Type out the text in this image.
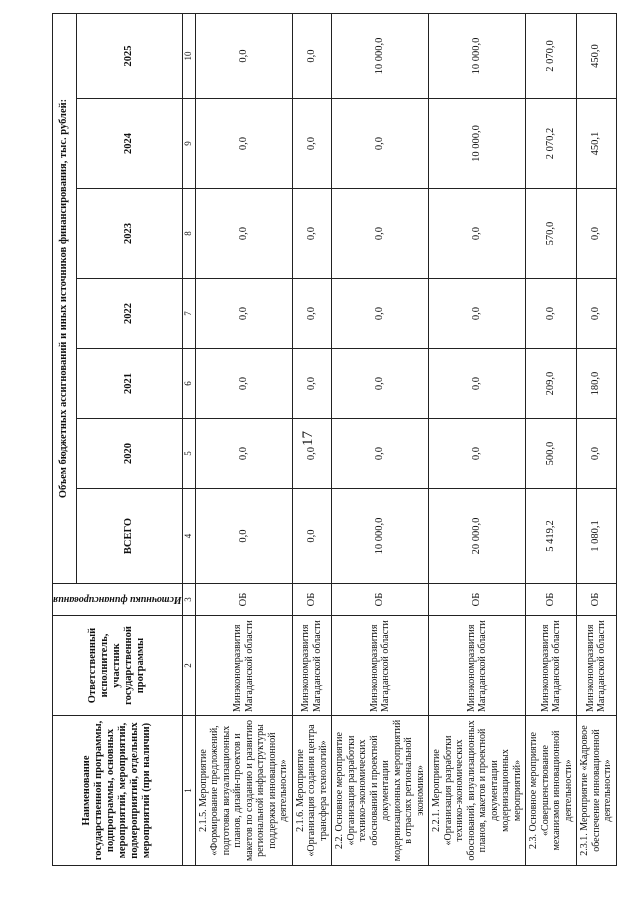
17
Наименование государственной программы, подпрограммы, основных мероприятий, мероприятий, подмероприятий, отдельных мероприятий (при наличии)	Ответственный исполнитель, участник государственной программы	Источники финансирования	Объем бюджетных ассигнований и иных источников финансирования, тыс. рублей:						
			ВСЕГО	2020	2021	2022	2023	2024	2025
1	2	3	4	5	6	7	8	9	10
2.1.5. Мероприятие «Формирование предложений, подготовка визуализационных планов, дизайн-проектов и макетов по созданию и развитию региональной инфраструктуры поддержки инновационной деятельности»	Минэкономразвития Магаданской области	ОБ	0,0	0,0	0,0	0,0	0,0	0,0	0,0
2.1.6. Мероприятие «Организация создания центра трансфера технологий»	Минэкономразвития Магаданской области	ОБ	0,0	0,0	0,0	0,0	0,0	0,0	0,0
2.2. Основное мероприятие «Организация разработки технико-экономических обоснований и проектной документации модернизационных мероприятий в отраслях региональной экономики»	Минэкономразвития Магаданской области	ОБ	10 000,0	0,0	0,0	0,0	0,0	0,0	10 000,0
2.2.1. Мероприятие «Организация разработки технико-экономических обоснований, визуализационных планов, макетов и проектной документации модернизационных мероприятий»	Минэкономразвития Магаданской области	ОБ	20 000,0	0,0	0,0	0,0	0,0	10 000,0	10 000,0
2.3. Основное мероприятие «Совершенствование механизмов инновационной деятельности»	Минэкономразвития Магаданской области	ОБ	5 419,2	500,0	209,0	0,0	570,0	2 070,2	2 070,0
2.3.1. Мероприятие «Кадровое обеспечение инновационной деятельности»	Минэкономразвития Магаданской области	ОБ	1 080,1	0,0	180,0	0,0	0,0	450,1	450,0
